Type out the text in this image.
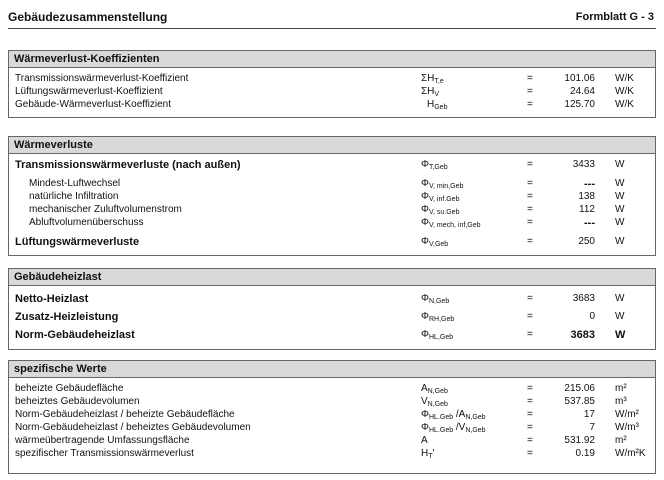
Gebäudezusammenstellung	Formblatt G - 3
Wärmeverlust-Koeffizienten
Transmissionswärmeverlust-Koeffizient	$\Sigma H_{T,e}$	=	101.06 W/K
Lüftungswärmeverlust-Koeffizient	$\Sigma H_V$	=	24.64 W/K
Gebäude-Wärmeverlust-Koeffizient	$H_{Geb}$	=	125.70 W/K
Wärmeverluste
Transmissionswärmeverluste (nach außen)	$\Phi_{T,Geb}$	=	3433 W
Mindest-Luftwechsel	$\Phi_{V, min,Geb}$	=	--- W
natürliche Infiltration	$\Phi_{V, inf.Geb}$	=	138 W
mechanischer Zuluftvolumenstrom	$\Phi_{V, su.Geb}$	=	112 W
Abluftvolumenüberschuss	$\Phi_{V, mech, inf,Geb}$	=	--- W
Lüftungswärmeverluste	$\Phi_{V,Geb}$	=	250 W
Gebäudeheizlast
Netto-Heizlast	$\Phi_{N,Geb}$	=	3683 W
Zusatz-Heizleistung	$\Phi_{RH,Geb}$	=	0 W
Norm-Gebäudeheizlast	$\Phi_{HL,Geb}$	=	3683 W
spezifische Werte
beheizte Gebäudefläche	$A_{N,Geb}$	=	215.06 m²
beheiztes Gebäudevolumen	$V_{N,Geb}$	=	537.85 m³
Norm-Gebäudeheizlast / beheizte Gebäudefläche	$\Phi_{HL.Geb}$ $/A_{N,Geb}$	=	17 W/m²
Norm-Gebäudeheizlast / beheiztes Gebäudevolumen	$\Phi_{HL.Geb}$ $/V_{N,Geb}$	=	7 W/m³
wärmeübertragende Umfassungsfläche	A	=	531.92 m²
spezifischer Transmissionswärmeverlust	$H_T'$	=	0.19 W/m²K
